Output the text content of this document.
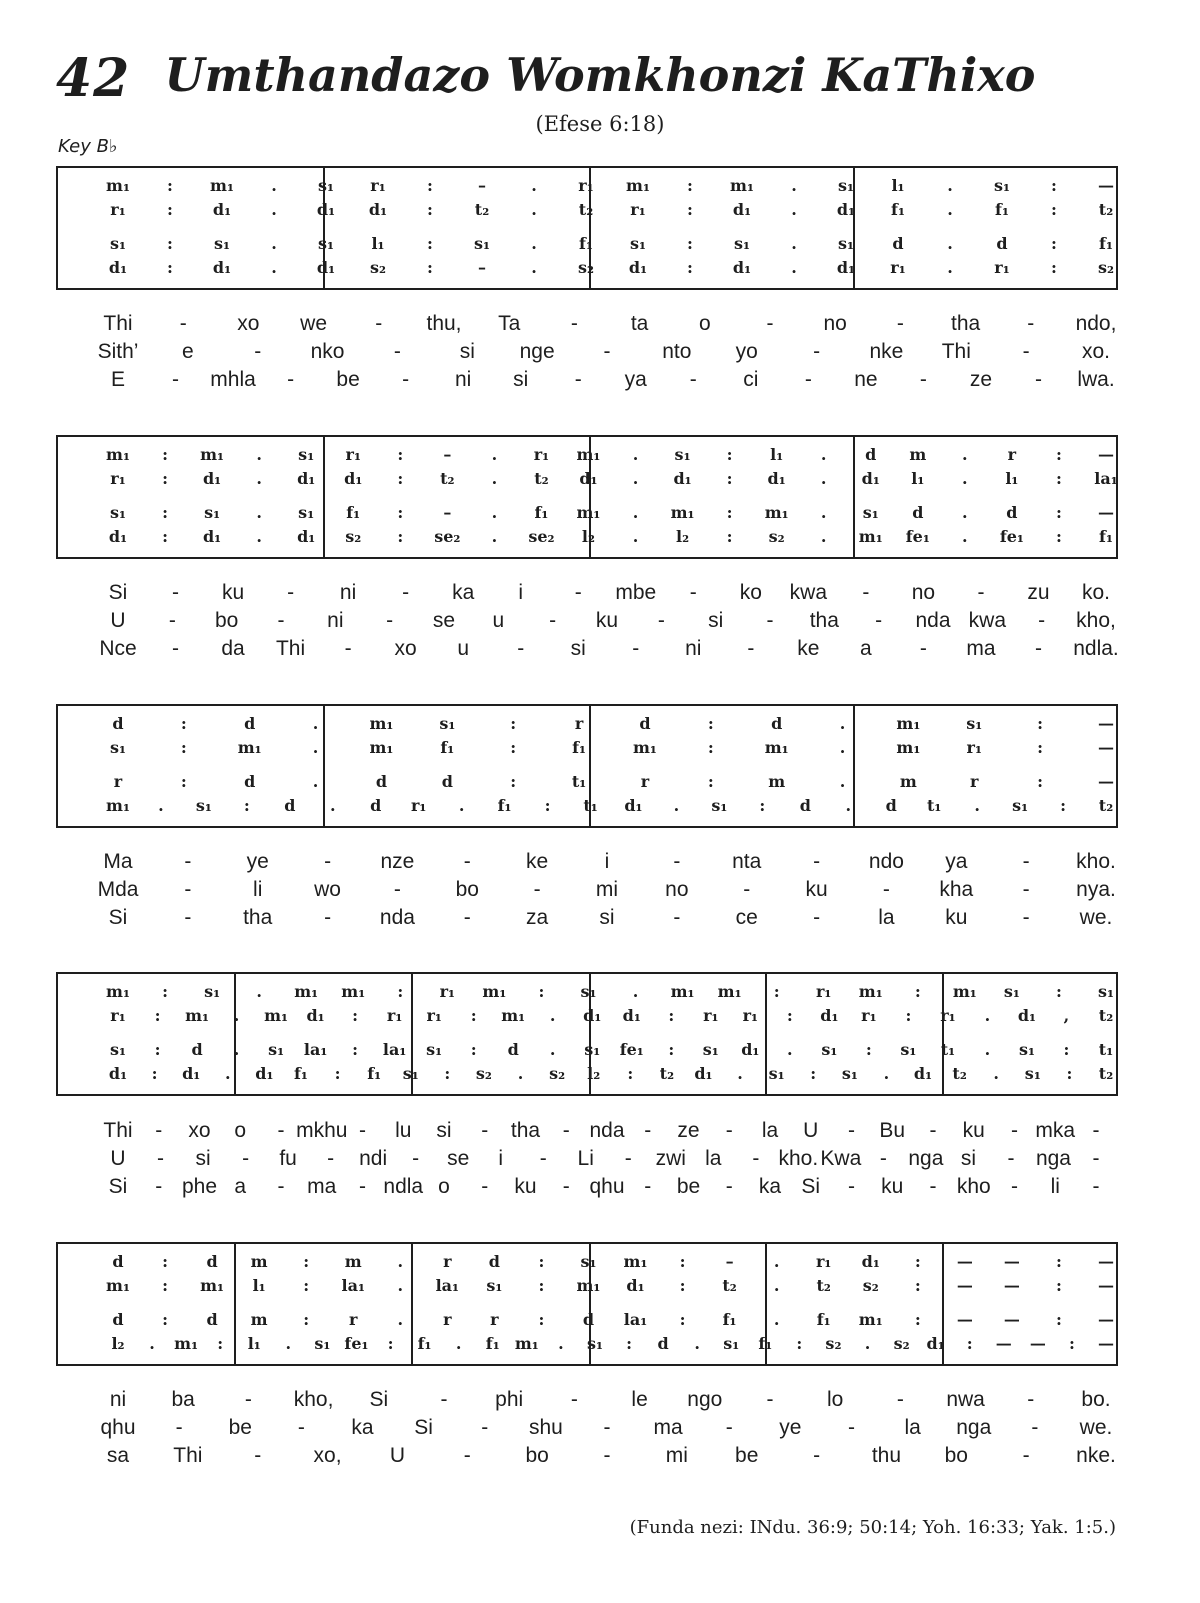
42 Umthandazo Womkhonzi KaThixo
(Efese 6:18)
Key B♭
m₁ : m₁ .	s₁ r₁	:	–	.	r₁ m₁ : m₁ .	s₁ l₁	.	s₁	:	—
r₁	: d₁	.	d₁ d₁ :	t₂	.	t₂ r₁	: d₁	.	d₁ f₁	.	f₁	:	t₂
s₁	:	s₁	.	s₁ l₁	:	s₁	.	f₁ s₁	:	s₁	.	s₁ d	.	d	:	f₁
d₁ : d₁	.	d₁ s₂	:	–	.	s₂ d₁ : d₁	.	d₁ r₁	.	r₁	:	s₂
m₁ : m₁ . s₁ r₁ :	–	. r₁ m₁ . s₁ : l₁ . d m .	r : —
r₁ : d₁ . d₁ d₁ : t₂ . t₂ d₁ . d₁ : d₁ . d₁ l₁ . l₁ : la₁
s₁ : s₁ . s₁ f₁ :	–	. f₁ m₁ . m₁ : m₁ . s₁ d . d : —
d₁ : d₁ . d₁ s₂ : se₂ . se₂ l₂ . l₂ : s₂ . m₁ fe₁ . fe₁ : f₁
d	:	d	.	m₁	s₁	:	r	d	:	d	.	m₁	s₁	:	—
s₁	:	m₁	.	m₁	f₁	:	f₁	m₁	:	m₁	.	m₁	r₁	:	—
r	:	d	.	d	d	:	t₁	r	:	m	.	m	r	:	—
m₁ . s₁ : d . d r₁ . f₁ : t₁ d₁ . s₁ : d . d t₁ . s₁ : t₂
m₁ : s₁ . m₁ m₁ : r₁ m₁ : s₁ . m₁ m₁ : r₁ m₁ : m₁ s₁ : s₁
r₁ : m₁ . m₁ d₁ : r₁ r₁ : m₁ . d₁ d₁ : r₁ r₁ : d₁ r₁ : r₁ . d₁ , t₂
s₁ : d . s₁ la₁ : la₁ s₁ : d . s₁ fe₁ : s₁ d₁ . s₁ : s₁ t₁ . s₁ : t₁
d₁ : d₁ . d₁ f₁ : f₁ s₁ : s₂ . s₂ l₂ : t₂ d₁ . s₁ : s₁ . d₁ t₂ . s₁ : t₂
d : d m : m .	r d : s₁ m₁ :	–	. r₁ d₁ : — — : —
m₁ : m₁ l₁ : la₁ . la₁ s₁ : m₁ d₁ : t₂ . t₂ s₂ : — — : —
d : d m : r	.	r r : d la₁ : f₁ . f₁ m₁ : — — : —
l₂ . m₁ : l₁ . s₁ fe₁ : f₁ . f₁ m₁ . s₁ : d . s₁ f₁ : s₂ . s₂ d₁ : — — : —
(Funda nezi: INdu. 36:9; 50:14; Yoh. 16:33; Yak. 1:5.)
Thi - xo we - thu, Ta -	ta o	- no - tha - ndo,
Sith’ e	- nko -	si nge - nto yo	- nke Thi - xo.
E - mhla - be - ni si - ya - ci - ne - ze - lwa.
Si - ku - ni - ka i - mbe - ko kwa - no - zu ko.
U - bo - ni - se u - ku - si - tha - nda kwa - kho,
Nce - da Thi - xo u - si - ni - ke a - ma - ndla.
Ma -	ye	- nze -	ke	i	- nta - ndo ya	- kho.
Mda -	li wo	-	bo	-	mi no	-	ku	- kha - nya.
Si	- tha - nda -	za si	-	ce	-	la ku	- we.
Thi - xo o - mkhu - lu si - tha - nda - ze - la U - Bu - ku - mka -
U - si - fu - ndi - se i - Li - zwi la - kho. Kwa - nga si - nga -
Si - phe a - ma - ndla o - ku - qhu - be - ka Si - ku - kho - li -
ni ba - kho, Si - phi -	le ngo -	lo	- nwa - bo.
qhu - be - ka Si - shu - ma - ye - la nga - we.
sa Thi - xo, U	-	bo	-	mi be	- thu bo	- nke.
